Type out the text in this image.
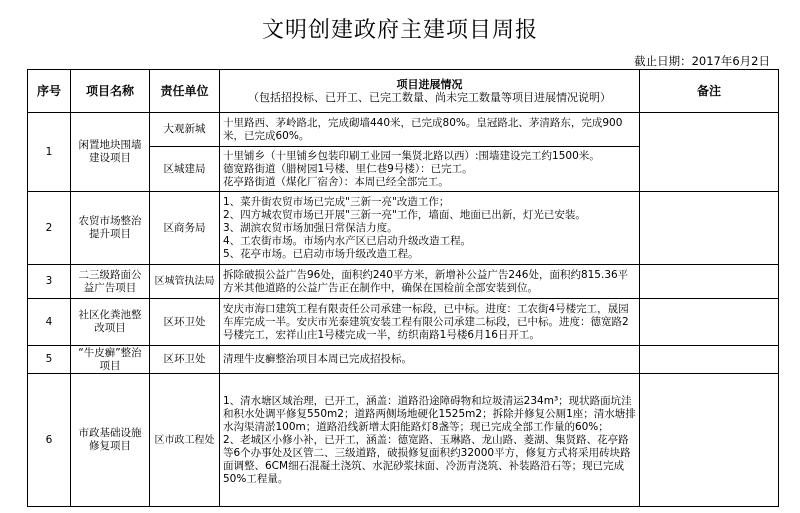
文明创建政府主建项目周报
截止日期：2017年6月2日
序号	项目名称	责任单位	项目进展情况
（包括招投标、已开工、已完工数量、尚未完工数量等项目进展情况说明）	备注
1	闲置地块围墙建设项目	大观新城	十里路西、茅岭路北，完成砌墙440米，已完成80%。皇冠路北、茅清路东，完成900米，已完成60%。	

		区城建局	十里铺乡（十里铺乡包装印刷工业园一集贤北路以西）:围墙建设完工约1500米。
德宽路街道（腊树园1号楼、里仁巷9号楼）：已完工。
花亭路街道（煤化厂宿舍）：本周已经全部完工。	

2	农贸市场整治提升项目	区商务局	1、菜升街农贸市场已完成"三新一亮"改造工作；
2、四方城农贸市场已开展"三新一亮"工作，墙面、地面已出新，灯光已安装。
3、湖滨农贸市场加强日常保洁力度。
4、工农街市场。市场内水产区已启动升级改造工程。
5、花亭市场。已启动市场升级改造工程。	

3	二三级路面公益广告项目	区城管执法局	拆除破损公益广告96处，面积约240平方米，新增补公益广告246处，面积约815.36平方米其他道路的公益广告正在制作中，确保在国检前全部安装到位。	
4	社区化粪池整改项目	区环卫处	安庆市海口建筑工程有限责任公司承建一标段，已中标。进度：工农街4号楼完工，晟园车库完成一半。安庆市光泰建筑安装工程有限公司承建二标段，已中标。进度：德宽路2号楼完工，宏祥山庄1号楼完成一半，纺织南路1号楼6月16日开工。	
5	“牛皮癣”整治项目	区环卫处	清理牛皮癣整治项目本周已完成招投标。	
6	市政基础设施修复项目	区市政工程处	1、清水塘区域治理，已开工，涵盖：道路沿途障碍物和垃圾清运234m³；现状路面坑洼和积水处调平修复550m2；道路两侧场地硬化1525m2；拆除并修复公厕1座；清水塘排水沟渠清淤100m；道路沿线新增太阳能路灯8盏等；现已完成全部工作量的60%；
2、老城区小修小补，已开工，涵盖：德宽路、玉琳路、龙山路、菱湖、集贤路、花亭路等6个办事处及区管二、三级道路，破损修复面积约32000平方，修复方式将采用砖块路面调整、6CM细石混凝土浇筑、水泥砂浆抹面、冷沥青浇筑、补装路沿石等；现已完成50%工程量。	
